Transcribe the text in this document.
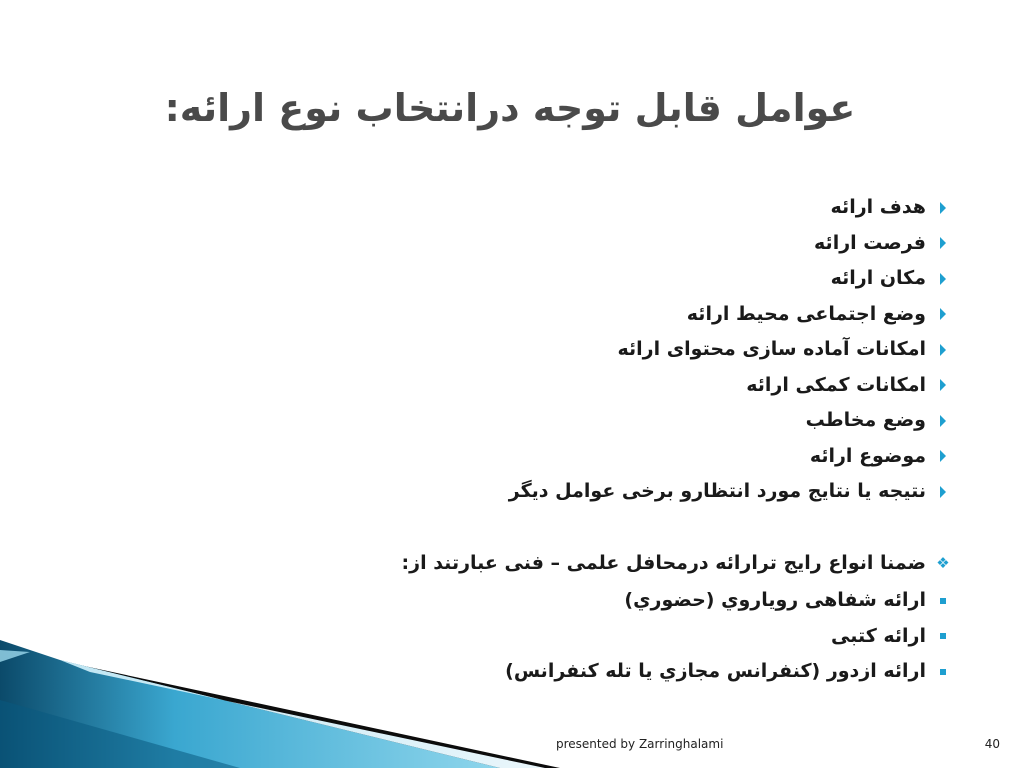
عوامل قابل توجه درانتخاب نوع ارائه:
هدف ارائه
فرصت ارائه
مکان ارائه
وضع اجتماعی محیط ارائه
امکانات آماده سازی محتوای ارائه
امکانات کمکی ارائه
وضع مخاطب
موضوع ارائه
نتیجه یا نتایج مورد انتظارو برخی عوامل دیگر
❖
ضمنا انواع رایج ترارائه درمحافل علمی – فنی عبارتند از:
ارائه شفاهی رویاروي (حضوري)
ارائه کتبی
ارائه ازدور (کنفرانس مجازي یا تله کنفرانس)
presented by Zarringhalami	40
